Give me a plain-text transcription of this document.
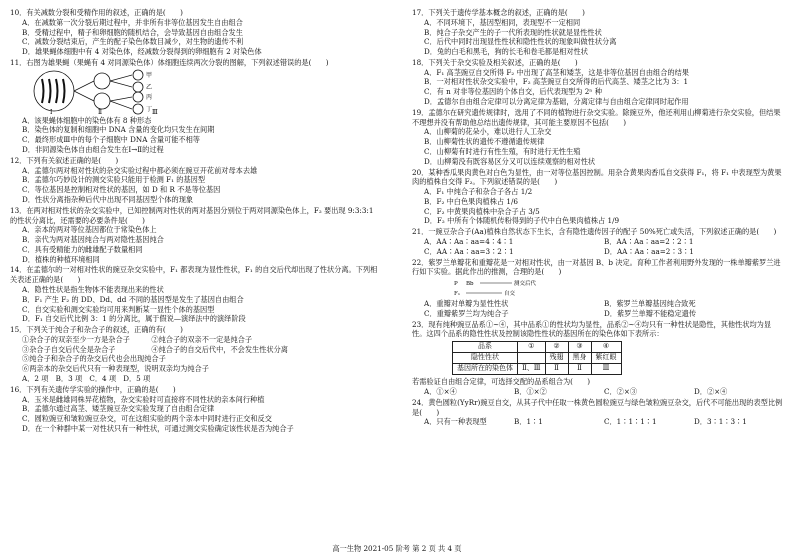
10．有关减数分裂和受精作用的叙述，正确的是(　　)
A．在减数第一次分裂后期过程中，并非所有非等位基因发生自由组合
B．受精过程中，精子和卵细胞的随机结合，会导致基因自由组合发生
C．减数分裂结束后，产生的配子染色体数目减少，对生物的遗传不利
D．雄果蝇体细胞中有 4 对染色体，经减数分裂得到的卵细胞有 2 对染色体
11．右图为雄果蝇（果蝇有 4 对同源染色体）体细胞连续两次分裂的图解，下列叙述错误的是(　　)
Ⅰ	Ⅱ	Ⅲ
甲
乙
丙
丁
A．该果蝇体细胞中的染色体有 8 种形态
B．染色体的复制和细胞中 DNA 含量的变化均只发生在间期
C．最终形成Ⅲ中的每个子细胞中 DNA 含量可能不相等
D．非同源染色体自由组合发生在Ⅰ→Ⅱ的过程
12．下列有关叙述正确的是(　　)
A．孟德尔两对相对性状的杂交实验过程中都必须在豌豆开花前对母本去雄
B．孟德尔巧妙设计的测交实验只能用于检测 F₁ 的基因型
C．等位基因是控制相对性状的基因，如 D 和 R 不是等位基因
D．性状分离指杂种后代中出现不同基因型个体的现象
13．在两对相对性状的杂交实验中，已知控制两对性状的两对基因分别位于两对同源染色体上，F₂ 要出现 9:3:3:1 的性状分离比，还需要的必要条件是(　　)
A．亲本的两对等位基因都位于常染色体上
B．亲代为两对基因纯合与两对隐性基因纯合
C．具有受精能力的雌雄配子数量相同
D．植株的种植环境相同
14．在孟德尔的一对相对性状的豌豆杂交实验中，F₁ 都表现为显性性状，F₁ 的自交后代却出现了性状分离。下列相关表述正确的是(　　)
A．隐性性状是指生物体不能表现出来的性状
B．F₁ 产生 F₂ 的 DD、Dd、dd 不同的基因型是发生了基因自由组合
C．自交实验和测交实验均可用来判断某一显性个体的基因型
D．F₁ 自交后代比例 3：1 的分离比，属于假说—演绎法中的演绎阶段
15．下列关于纯合子和杂合子的叙述，正确的有(　　)
①杂合子的双亲至少一方是杂合子　　　②纯合子的双亲不一定是纯合子
③杂合子自交后代全是杂合子　　　　　④纯合子的自交后代中，不会发生性状分离
⑤纯合子和杂合子的杂交后代也会出现纯合子
⑥两亲本的杂交后代只有一种表现型，说明双亲均为纯合子
A．2 项　B．3 项　C．4 项　D．5 项
16．下列有关遗传学实验的操作中，正确的是(　　)
A．玉米是雌雄同株异花植物，杂交实验时可直接将不同性状的亲本间行种植
B．孟德尔通过高茎、矮茎豌豆杂交实验发现了自由组合定律
C．圆粒豌豆和皱粒豌豆杂交，可在这组实验的两个亲本中同时进行正交和反交
D．在一个种群中某一对性状只有一种性状，可通过测交实验确定该性状是否为纯合子
17．下列关于遗传学基本概念的叙述，正确的是(　　)
A．不同环境下，基因型相同，表现型不一定相同
B．纯合子杂交产生的子一代所表现的性状就是显性性状
C．后代中同时出现显性性状和隐性性状的现象叫做性状分离
D．兔的白毛和黑毛，狗的长毛和卷毛都是相对性状
18．下列关于杂交实验及相关叙述，正确的是(　　)
A．F₁ 高茎豌豆自交所得 F₂ 中出现了高茎和矮茎，这是非等位基因自由组合的结果
B．一对相对性状杂交实验中，F₂ 高茎豌豆自交所得的后代高茎、矮茎之比为 3：1
C．有 n 对非等位基因的个体自交，后代表现型为 2ⁿ 种
D．孟德尔自由组合定律可以分离定律为基础，分离定律与自由组合定律同时起作用
19．孟德尔在研究遗传规律时，选用了不同的植物进行杂交实验。除豌豆外，他还利用山柳菊进行杂交实验，但结果不理想并没有帮助他总结出遗传规律，其可能主要原因不包括(　　)
A．山柳菊的花朵小，难以进行人工杂交
B．山柳菊性状的遗传不遵循遗传规律
C．山柳菊有时进行有性生殖，有时进行无性生殖
D．山柳菊没有既容易区分又可以连续观察的相对性状
20．某种香瓜果肉黄色对白色为显性，由一对等位基因控制。用杂合黄果肉香瓜自交获得 F₁，将 F₁ 中表现型为黄果肉的植株自交得 F₂。下列叙述错误的是(　　)
A．F₁ 中纯合子和杂合子各占 1/2
B．F₂ 中白色果肉植株占 1/6
C．F₂ 中黄果肉植株中杂合子占 3/5
D．F₂ 中所有个体随机传粉得到的子代中白色果肉植株占 1/9
21．一豌豆杂合子(Aa)植株自然状态下生长，含有隐性遗传因子的配子 50%死亡或失活，下列叙述正确的是(　　)
A．AA∶Aa∶aa=4∶4∶1	B．AA∶Aa∶aa=2∶2∶1
C．AA∶Aa∶aa=3∶2∶1	D．AA∶Aa∶aa=2∶3∶1
22．紫罗兰单瓣花和重瓣花是一对相对性状，由一对基因 B、b 决定。育种工作者利用野外发现的一株单瓣紫罗兰进行如下实验。据此作出的推测，合理的是(　　)
P Bb	测交后代
F₁	自交
A．重瓣对单瓣为显性性状	B．紫罗兰单瓣基因纯合致死
C．重瓣紫罗兰均为纯合子	D．紫罗兰单瓣不能稳定遗传
23．现有纯种豌豆品系①~④，其中品系①的性状均为显性，品系②~④均只有一种性状是隐性，其他性状均为显性。这四个品系的隐性性状及控制该隐性性状的基因所在的染色体如下表所示：
品系	①	②	③	④
隐性性状		残翅	黑身	紫红眼
基因所在的染色体	Ⅱ、Ⅲ	Ⅱ	Ⅱ	Ⅲ
若需验证自由组合定律，可选择交配的品系组合为(　　)
A．①×④	B．①×②	C．②×③	D．②×④
24．黄色圆粒(YyRr)豌豆自交，从其子代中任取一株黄色圆粒豌豆与绿色皱粒豌豆杂交，后代不可能出现的表型比例是(　　)
A．只有一种表现型	B．1∶1	C．1∶1∶1∶1	D．3∶1∶3∶1
高一生物 2021-05 阶考 第 2 页 共 4 页
